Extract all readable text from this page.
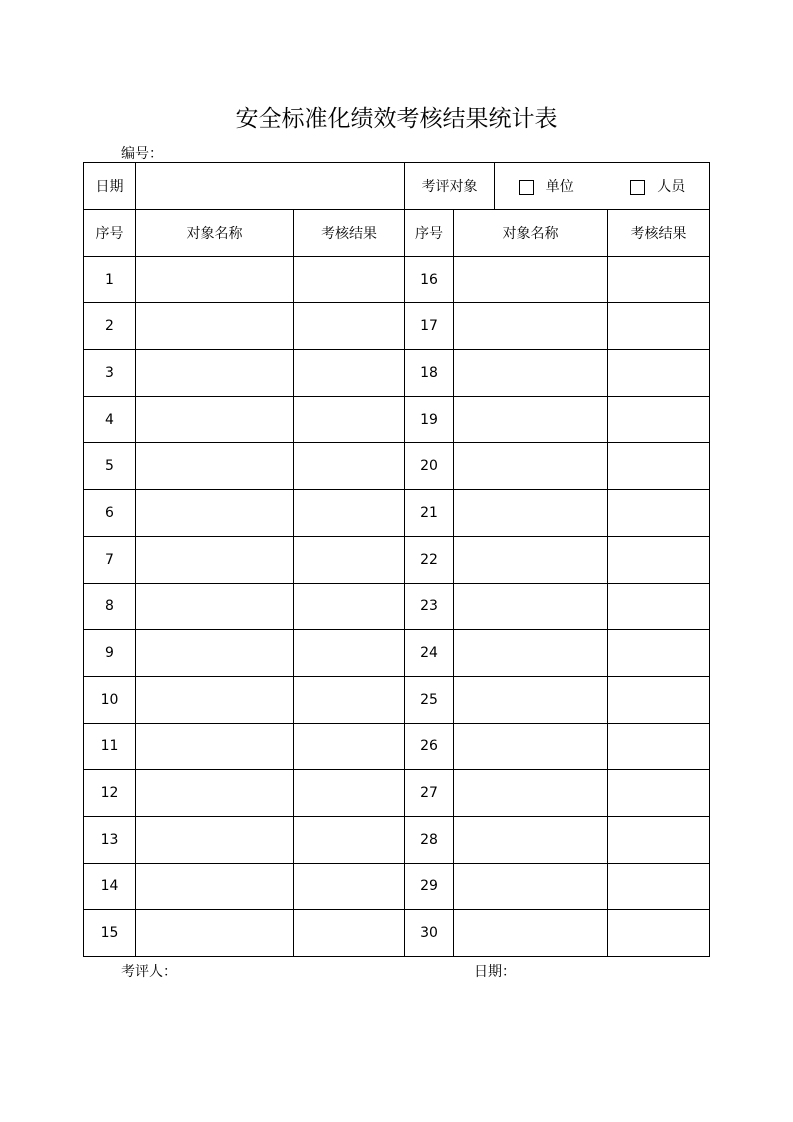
安全标准化绩效考核结果统计表
编号：
日期		考评对象	单位	人员
序号	对象名称	考核结果	序号	对象名称	考核结果
1			16		
2			17		
3			18		
4			19		
5			20		
6			21		
7			22		
8			23		
9			24		
10			25		
11			26		
12			27		
13			28		
14			29		
15			30		
考评人：	日期：
